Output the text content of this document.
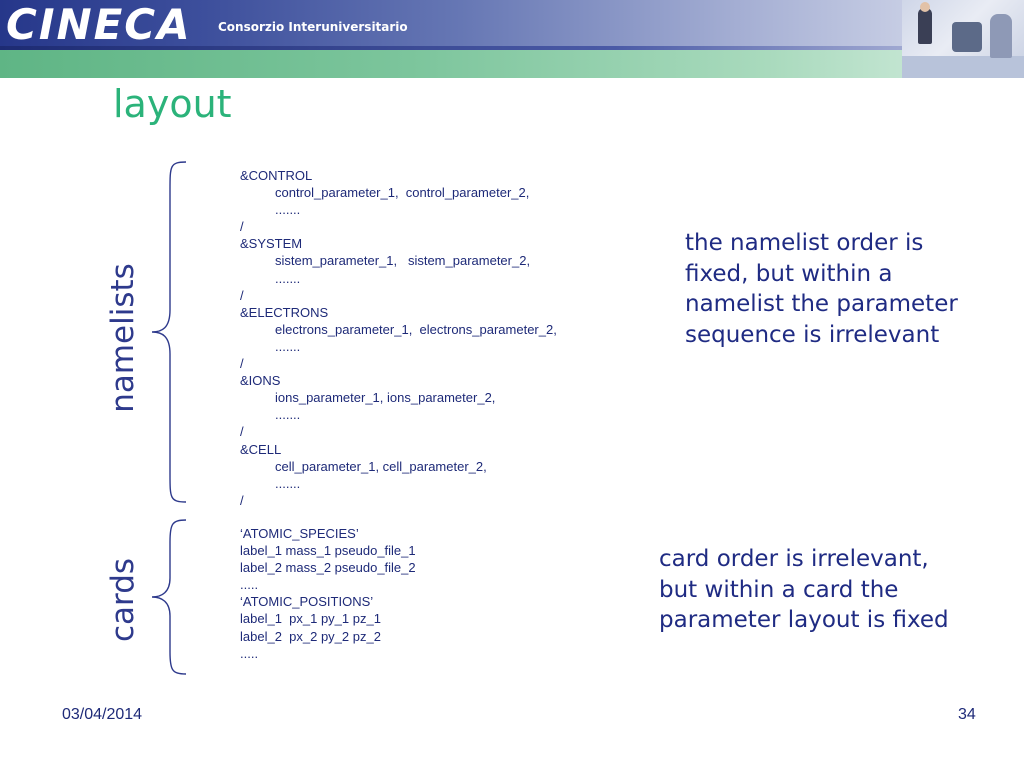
CINECA Consorzio Interuniversitario
layout
namelists
&CONTROL
control_parameter_1,  control_parameter_2,
.......
/
&SYSTEM
sistem_parameter_1,   sistem_parameter_2,
.......
/
&ELECTRONS
electrons_parameter_1,  electrons_parameter_2,
.......
/
&IONS
ions_parameter_1, ions_parameter_2,
.......
/
&CELL
cell_parameter_1, cell_parameter_2,
.......
/
cards
‘ATOMIC_SPECIES’
label_1 mass_1 pseudo_file_1
label_2 mass_2 pseudo_file_2
.....
‘ATOMIC_POSITIONS’
label_1  px_1 py_1 pz_1
label_2  px_2 py_2 pz_2
.....
the namelist order is
fixed, but within a
namelist the parameter
sequence is irrelevant
card order is irrelevant,
but within a card the
parameter layout is fixed
03/04/2014	34
